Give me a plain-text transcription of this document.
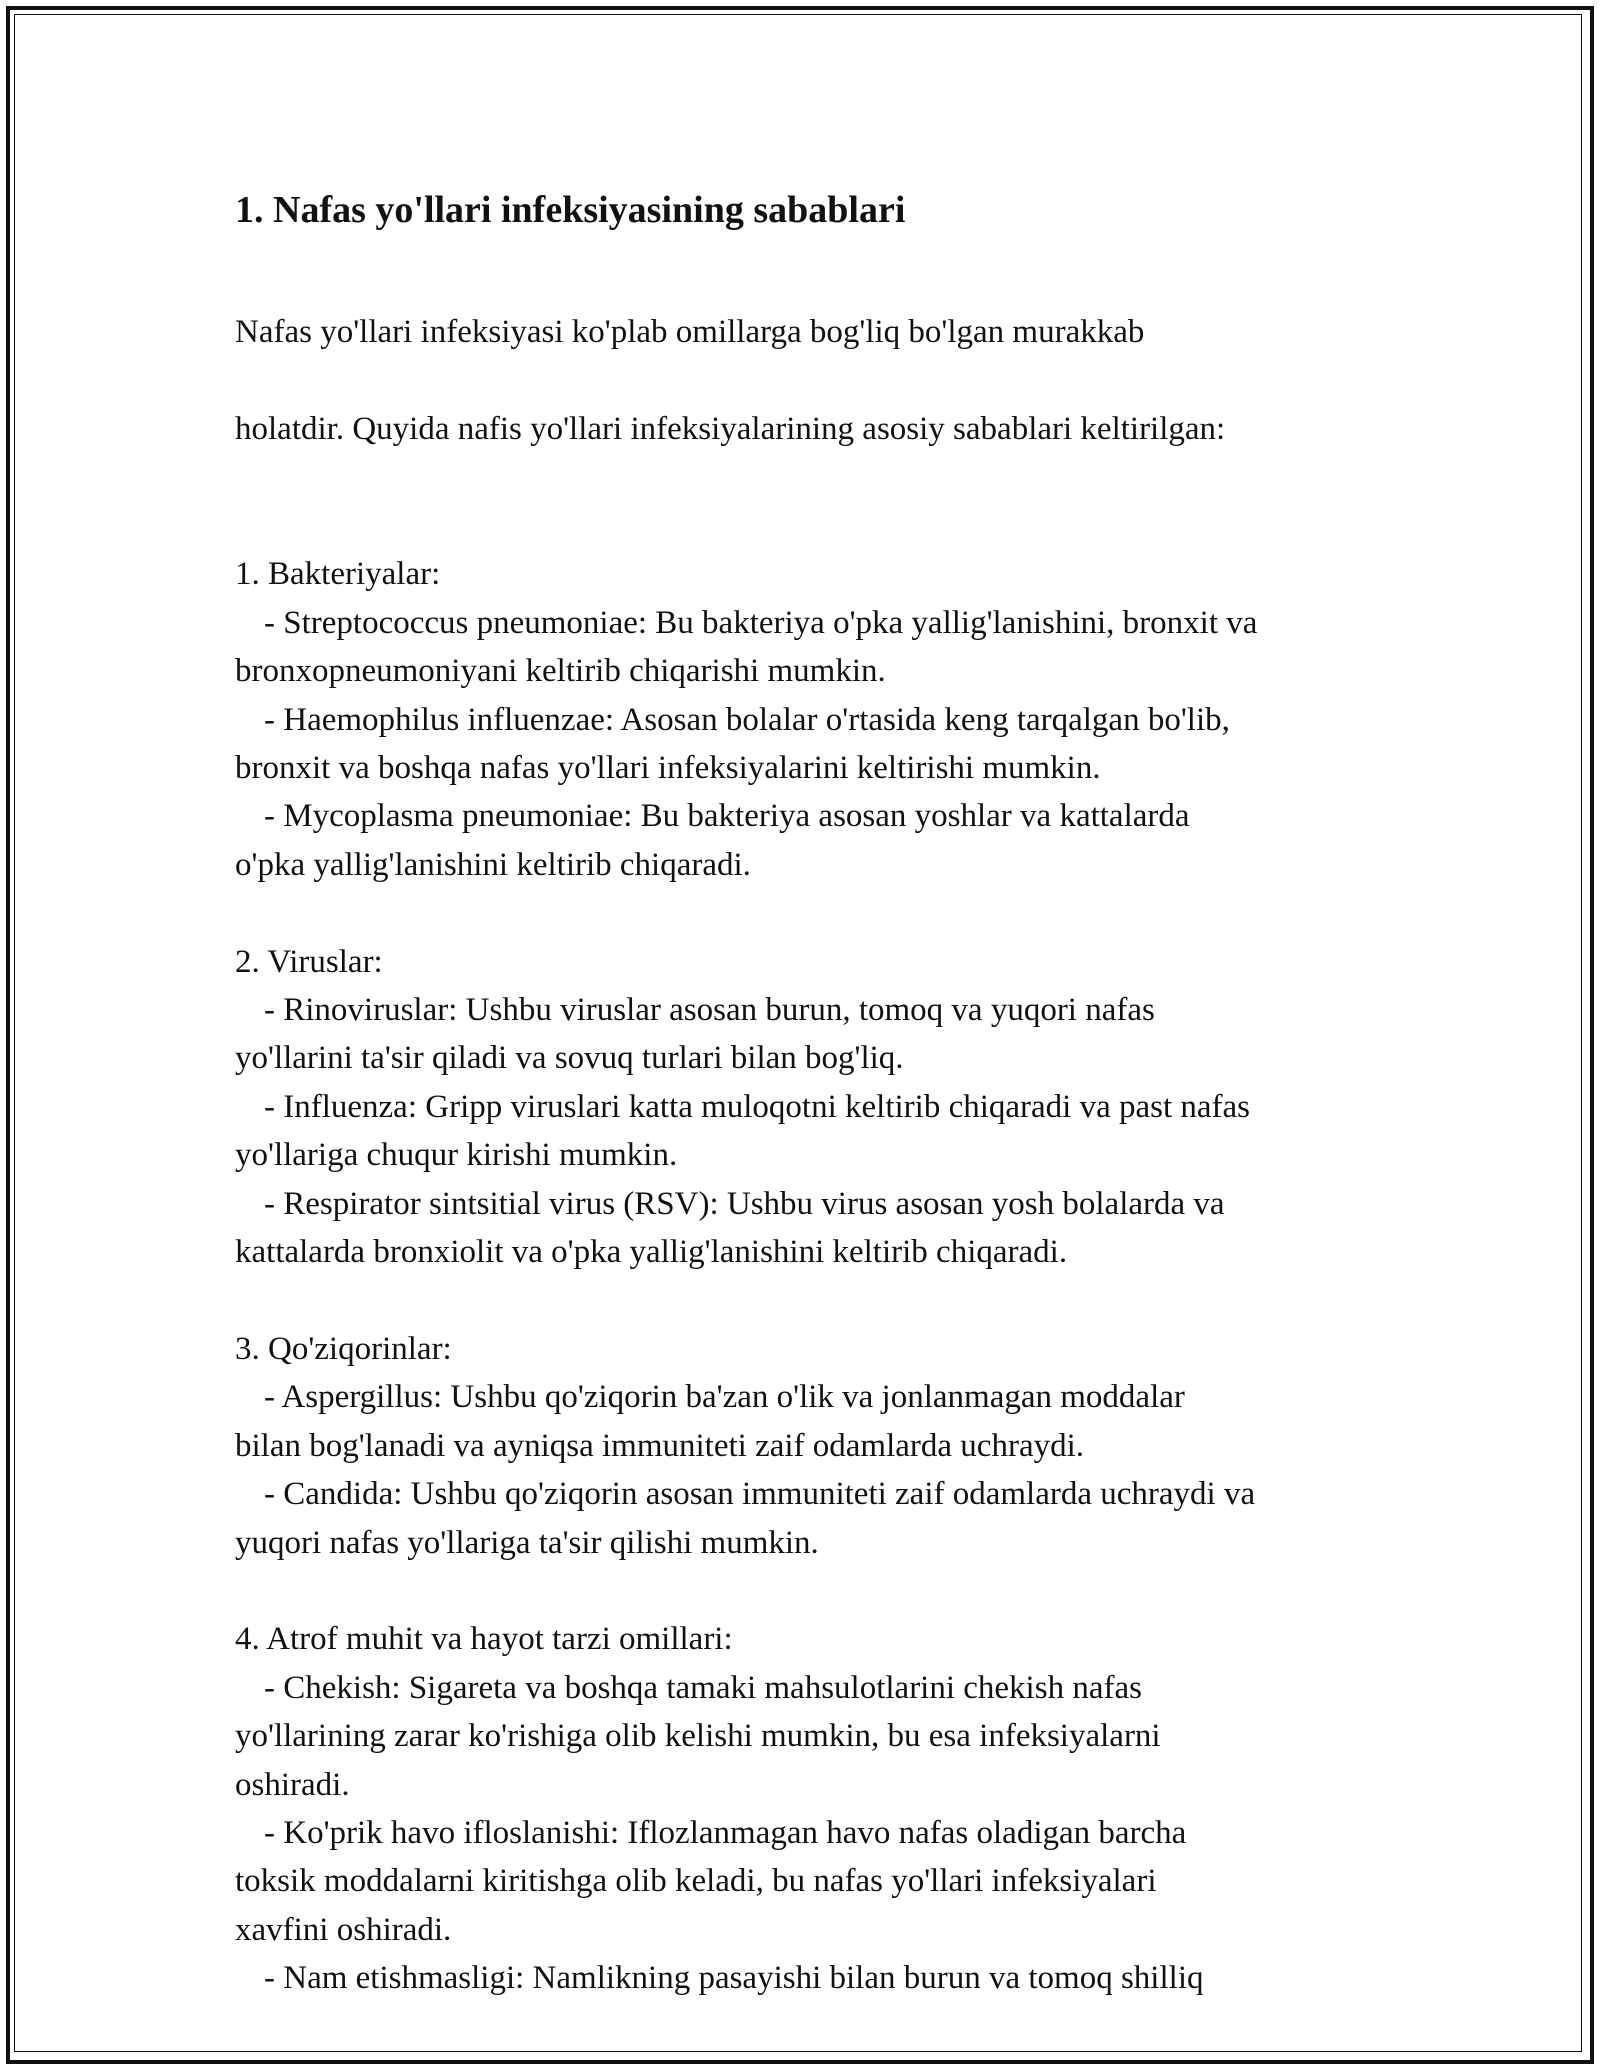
1. Nafas yo'llari infeksiyasining sabablari

Nafas yo'llari infeksiyasi ko'plab omillarga bog'liq bo'lgan murakkab

holatdir. Quyida nafis yo'llari infeksiyalarining asosiy sabablari keltirilgan:

1. Bakteriyalar:
- Streptococcus pneumoniae: Bu bakteriya o'pka yallig'lanishini, bronxit va
bronxopneumoniyani keltirib chiqarishi mumkin.
- Haemophilus influenzae: Asosan bolalar o'rtasida keng tarqalgan bo'lib,
bronxit va boshqa nafas yo'llari infeksiyalarini keltirishi mumkin.
- Mycoplasma pneumoniae: Bu bakteriya asosan yoshlar va kattalarda
o'pka yallig'lanishini keltirib chiqaradi.
2. Viruslar:
- Rinoviruslar: Ushbu viruslar asosan burun, tomoq va yuqori nafas
yo'llarini ta'sir qiladi va sovuq turlari bilan bog'liq.
- Influenza: Gripp viruslari katta muloqotni keltirib chiqaradi va past nafas
yo'llariga chuqur kirishi mumkin.
- Respirator sintsitial virus (RSV): Ushbu virus asosan yosh bolalarda va
kattalarda bronxiolit va o'pka yallig'lanishini keltirib chiqaradi.
3. Qo'ziqorinlar:
- Aspergillus: Ushbu qo'ziqorin ba'zan o'lik va jonlanmagan moddalar
bilan bog'lanadi va ayniqsa immuniteti zaif odamlarda uchraydi.
- Candida: Ushbu qo'ziqorin asosan immuniteti zaif odamlarda uchraydi va
yuqori nafas yo'llariga ta'sir qilishi mumkin.
4. Atrof muhit va hayot tarzi omillari:
- Chekish: Sigareta va boshqa tamaki mahsulotlarini chekish nafas
yo'llarining zarar ko'rishiga olib kelishi mumkin, bu esa infeksiyalarni
oshiradi.
- Ko'prik havo ifloslanishi: Iflozlanmagan havo nafas oladigan barcha
toksik moddalarni kiritishga olib keladi, bu nafas yo'llari infeksiyalari
xavfini oshiradi.
- Nam etishmasligi: Namlikning pasayishi bilan burun va tomoq shilliq
